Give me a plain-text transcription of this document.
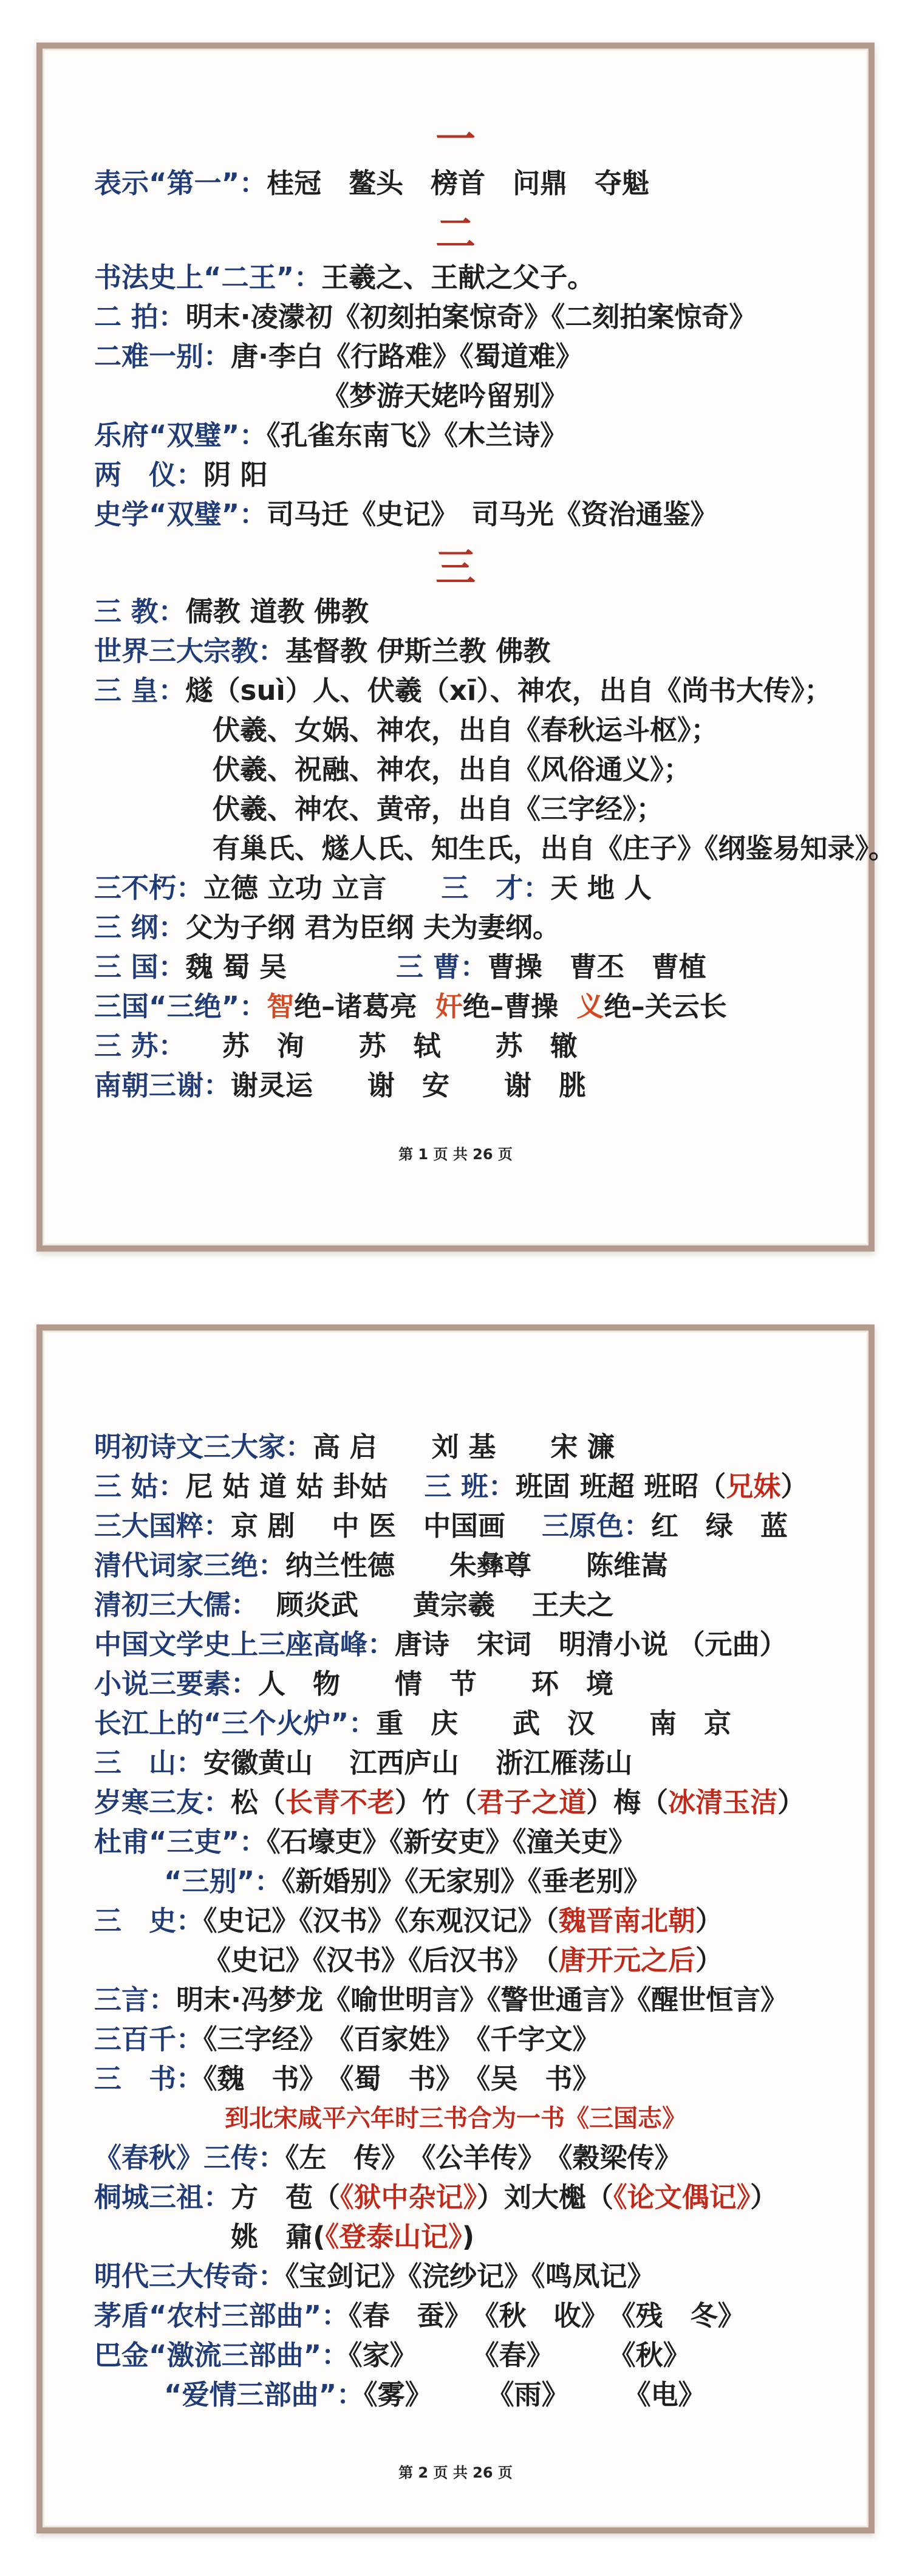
一
表示“第一”：桂冠　鳌头　榜首　问鼎　夺魁
二
书法史上“二王”：王羲之、王献之父子。
二 拍：明末·凌濛初《初刻拍案惊奇》《二刻拍案惊奇》
二难一别：唐·李白《行路难》《蜀道难》
《梦游天姥吟留别》
乐府“双璧”：《孔雀东南飞》《木兰诗》
两　仪：阴 阳
史学“双璧”：司马迁《史记》　司马光《资治通鉴》
三
三 教：儒教 道教 佛教
世界三大宗教：基督教 伊斯兰教 佛教
三 皇：燧（suì）人、伏羲（xī）、神农，出自《尚书大传》；
伏羲、女娲、神农，出自《春秋运斗枢》；
伏羲、祝融、神农，出自《风俗通义》；
伏羲、神农、黄帝，出自《三字经》；
有巢氏、燧人氏、知生氏，出自《庄子》《纲鉴易知录》。
三不朽：立德 立功 立言 三　才：天 地 人
三 纲：父为子纲 君为臣纲 夫为妻纲。
三 国：魏 蜀 吴	三 曹：曹操　曹丕　曹植
三国“三绝”：智绝–诸葛亮 奸绝–曹操 义绝–关云长
三 苏： 苏　洵　　苏　轼　　苏　辙
南朝三谢：谢灵运　　谢　安　　谢　朓
第 1 页 共 26 页
明初诗文三大家：高 启　　刘 基　　宋 濂
三 姑：尼 姑 道 姑 卦姑 三 班：班固 班超 班昭（兄妹）
三大国粹：京 剧　 中 医　中国画 三原色：红　绿　蓝
清代词家三绝：纳兰性德　　朱彝尊　　陈维嵩
清初三大儒： 顾炎武　　黄宗羲　 王夫之
中国文学史上三座高峰：唐诗　宋词　明清小说 （元曲）
小说三要素：人　物　　情　节　　环　境
长江上的“三个火炉”：重　庆　　武　汉　　南　京
三　山：安徽黄山　 江西庐山　 浙江雁荡山
岁寒三友：松（长青不老）竹（君子之道）梅（冰清玉洁）
杜甫“三吏”：《石壕吏》《新安吏》《潼关吏》
“三别”：《新婚别》《无家别》《垂老别》
三　史：《史记》《汉书》《东观汉记》（魏晋南北朝）
《史记》《汉书》《后汉书》　（唐开元之后）
三言：明末·冯梦龙《喻世明言》《警世通言》《醒世恒言》
三百千：《三字经》　《百家姓》　《千字文》
三　书：《魏　书》　《蜀　书》　《吴　书》
到北宋咸平六年时三书合为一书《三国志》
《春秋》三传：《左　传》　《公羊传》　《穀梁传》
桐城三祖：方　苞（《狱中杂记》）刘大櫆（《论文偶记》）
姚　鼐(《登泰山记》)
明代三大传奇：《宝剑记》《浣纱记》《鸣凤记》
茅盾“农村三部曲”：《春　蚕》　《秋　收》　《残　冬》
巴金“激流三部曲”：《家》　　　《春》　　　《秋》
“爱情三部曲”：《雾》　　　《雨》　　　《电》
第 2 页 共 26 页
